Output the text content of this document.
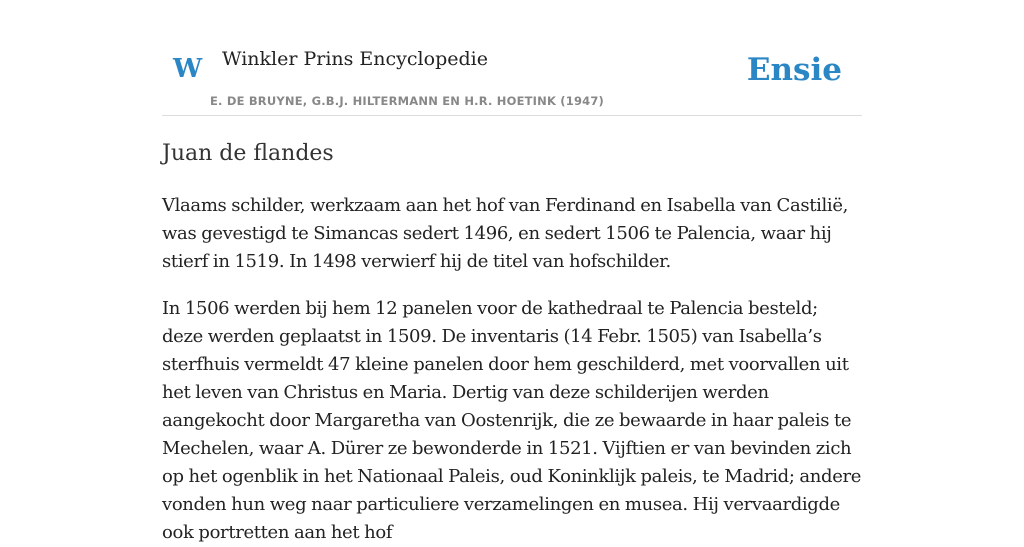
W Winkler Prins Encyclopedie
E. DE BRUYNE, G.B.J. HILTERMANN EN H.R. HOETINK (1947)
Ensie
Juan de flandes

Vlaams schilder, werkzaam aan het hof van Ferdinand en Isabella van Castilië, was gevestigd te Simancas sedert 1496, en sedert 1506 te Palencia, waar hij stierf in 1519. In 1498 verwierf hij de titel van hofschilder.

In 1506 werden bij hem 12 panelen voor de kathedraal te Palencia besteld; deze werden geplaatst in 1509. De inventaris (14 Febr. 1505) van Isabella’s sterfhuis vermeldt 47 kleine panelen door hem geschilderd, met voorvallen uit het leven van Christus en Maria. Dertig van deze schilderijen werden aangekocht door Margaretha van Oostenrijk, die ze bewaarde in haar paleis te Mechelen, waar A. Dürer ze bewonderde in 1521. Vijftien er van bevinden zich op het ogenblik in het Nationaal Paleis, oud Koninklijk paleis, te Madrid; andere vonden hun weg naar particuliere verzamelingen en musea. Hij vervaardigde ook portretten aan het hof
